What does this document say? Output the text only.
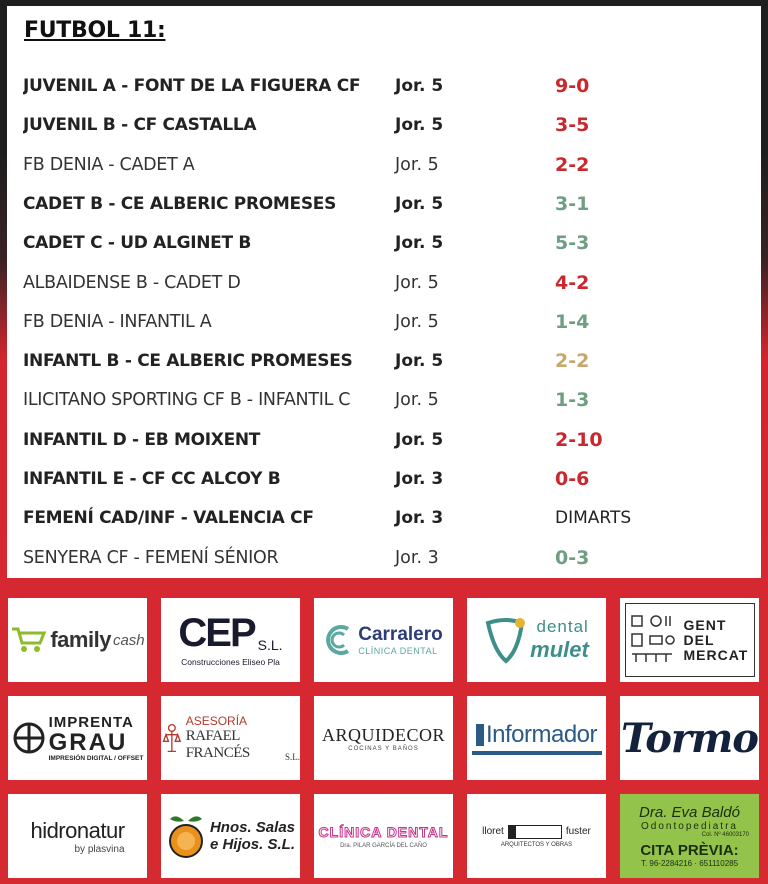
FUTBOL 11:
JUVENIL A - FONT DE LA FIGUERA CF	Jor. 5	9-0
JUVENIL B - CF CASTALLA	Jor. 5	3-5
FB DENIA - CADET A	Jor. 5	2-2
CADET B - CE ALBERIC PROMESES	Jor. 5	3-1
CADET C - UD ALGINET B	Jor. 5	5-3
ALBAIDENSE B - CADET D	Jor. 5	4-2
FB DENIA - INFANTIL A	Jor. 5	1-4
INFANTL B - CE ALBERIC PROMESES	Jor. 5	2-2
ILICITANO SPORTING CF B - INFANTIL C	Jor. 5	1-3
INFANTIL D - EB MOIXENT	Jor. 5	2-10
INFANTIL E - CF CC ALCOY B	Jor. 3	0-6
FEMENÍ CAD/INF - VALENCIA CF	Jor. 3	DIMARTS
SENYERA CF - FEMENÍ SÉNIOR	Jor. 3	0-3
family cash CEP S.L.
Construcciones Eliseo Pla
Carralero
CLÍNICA DENTAL
dental
mulet
GENT
DEL
MERCAT
IMPRENTA
GRAU
IMPRESIÓN DIGITAL / OFFSET
ASESORÍA
RAFAEL FRANCÉS	S.L.
ARQUIDECOR
COCINAS Y BAÑOS
Informador Tormo
hidronatur
by plasvina
Hnos. Salas
e Hijos. S.L.
CLÍNICA DENTAL
Dra. PILAR GARCÍA DEL CAÑO
lloret	fuster
ARQUITECTOS Y OBRAS
Dra. Eva Baldó
Odontopediatra
Col. Nº 46003170
CITA PRÈVIA:
T. 96-2284216 · 651110285
